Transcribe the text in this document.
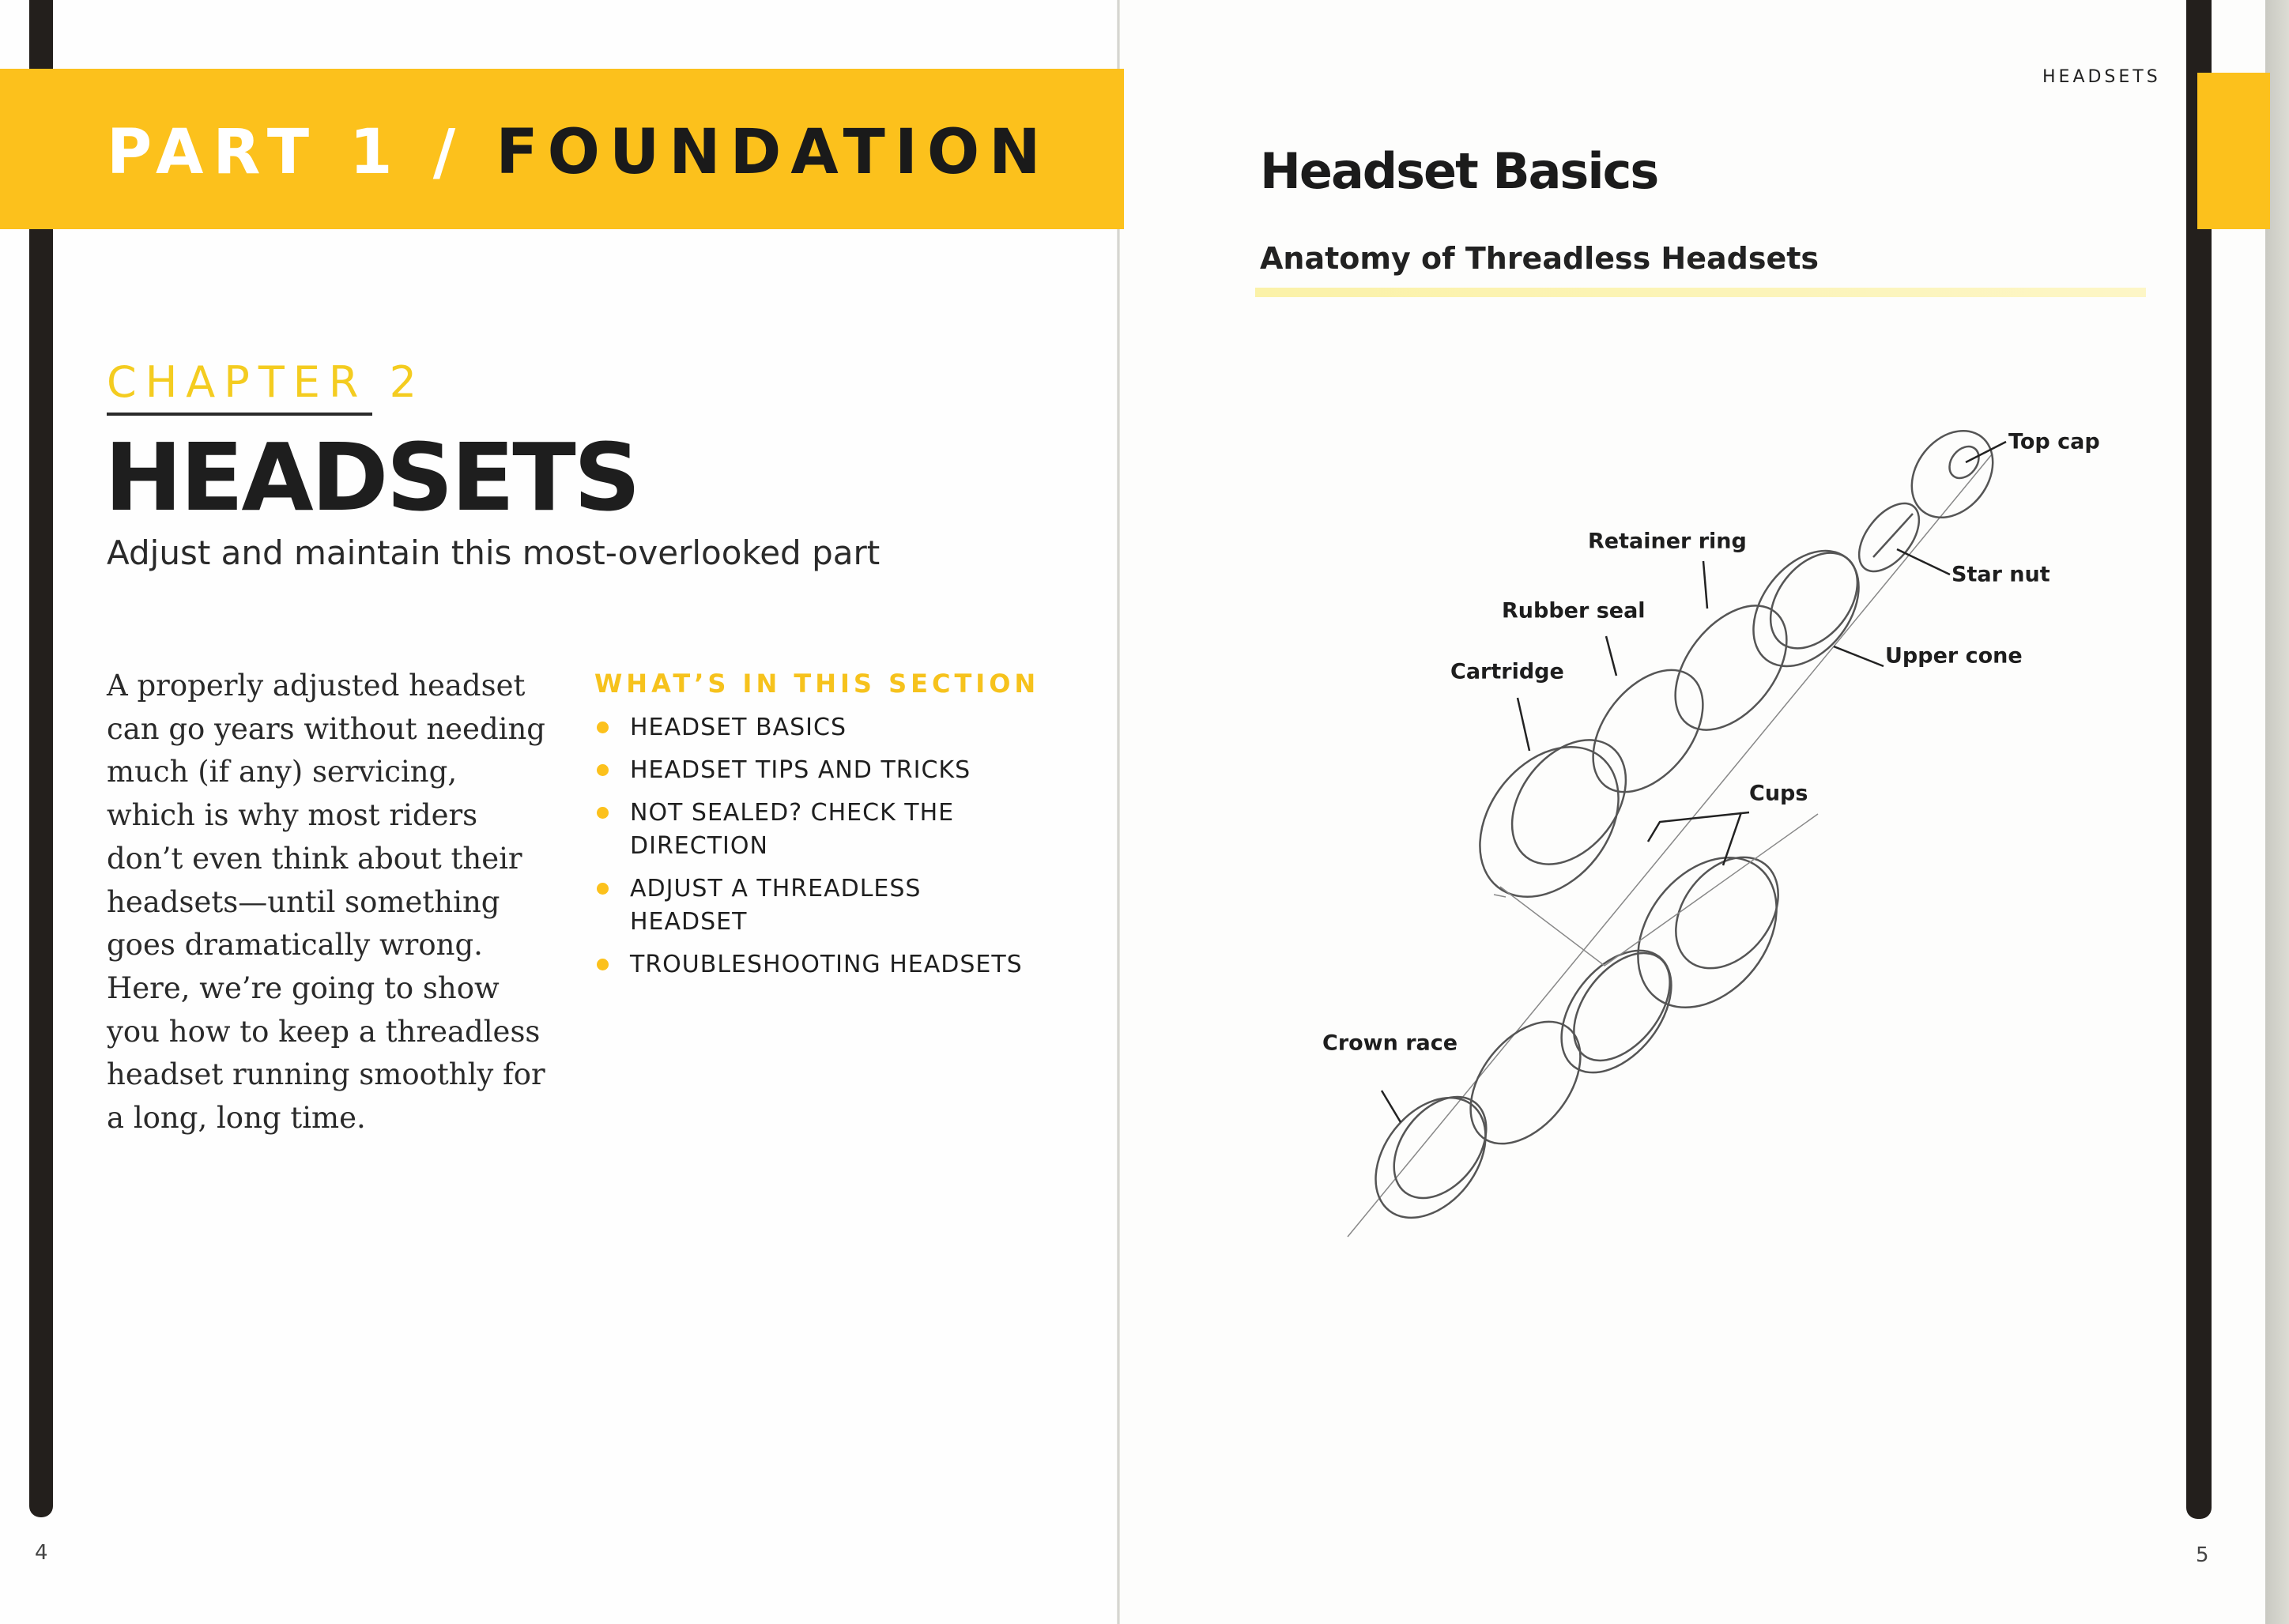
PART 1 / FOUNDATION
CHAPTER 2
HEADSETS
Adjust and maintain this most-overlooked part
A properly adjusted headset can go years without needing much (if any) servicing, which is why most riders don’t even think about their headsets—until something goes dramatically wrong. Here, we’re going to show you how to keep a threadless headset running smoothly for a long, long time.
WHAT’S IN THIS SECTION
HEADSET BASICS
HEADSET TIPS AND TRICKS
NOT SEALED? CHECK THE DIRECTION
ADJUST A THREADLESS HEADSET
TROUBLESHOOTING HEADSETS
4
HEADSETS
Headset Basics
Anatomy of Threadless Headsets
Top cap
Star nut
Upper cone
Retainer ring
Rubber seal
Cartridge
Cups
Crown race
5
